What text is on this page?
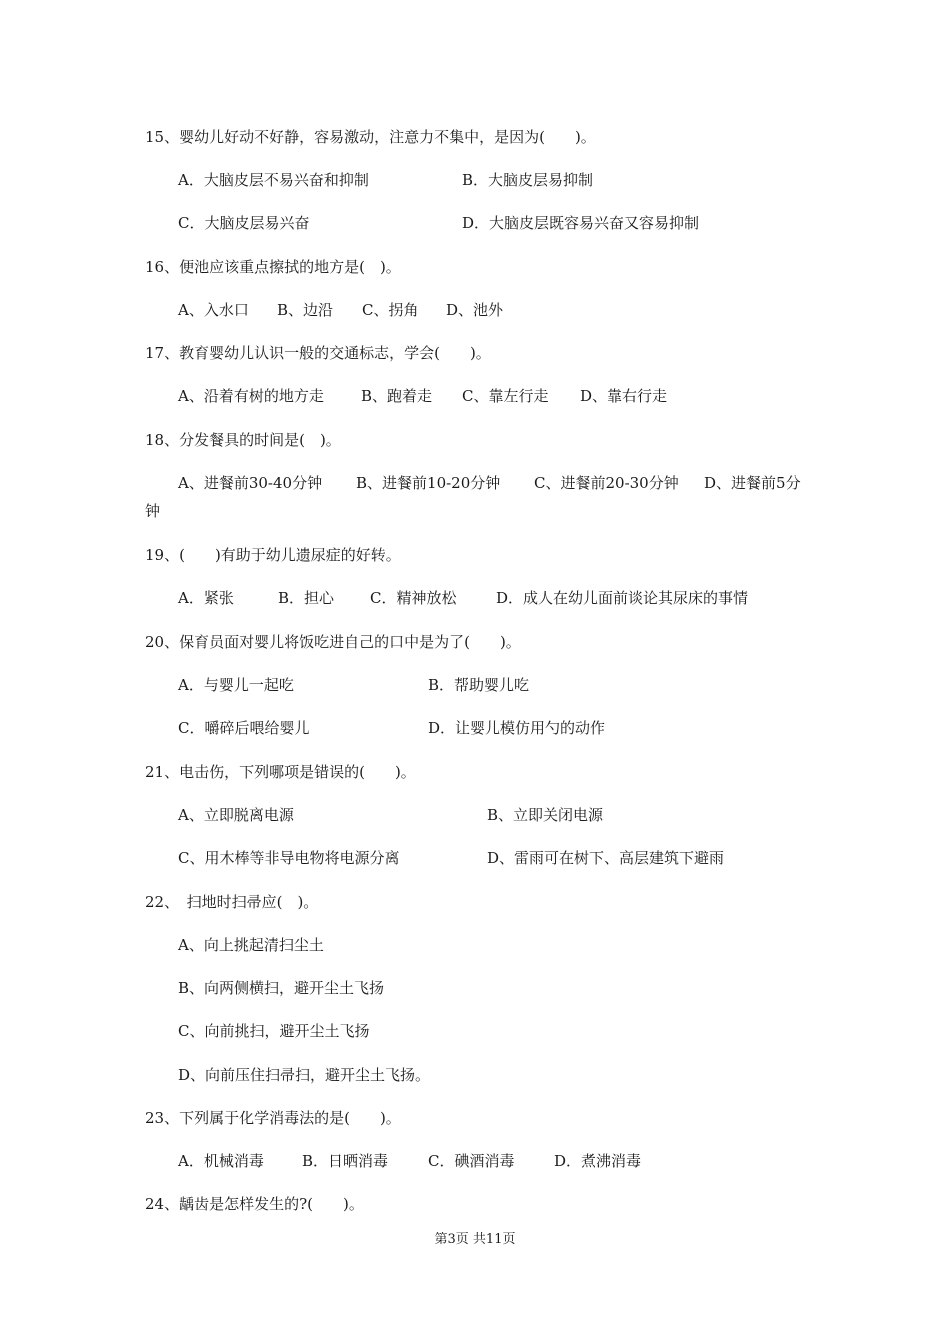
15、婴幼儿好动不好静，容易激动，注意力不集中，是因为(　　)。
A．大脑皮层不易兴奋和抑制	B．大脑皮层易抑制
C．大脑皮层易兴奋	D．大脑皮层既容易兴奋又容易抑制
16、便池应该重点擦拭的地方是(　)。
A、入水口 B、边沿 C、拐角 D、池外
17、教育婴幼儿认识一般的交通标志，学会(　　)。
A、沿着有树的地方走 B、跑着走 C、靠左行走 D、靠右行走
18、分发餐具的时间是(　)。
A、进餐前30-40分钟 B、进餐前10-20分钟 C、进餐前20-30分钟 D、进餐前5分
钟
19、(　　)有助于幼儿遗尿症的好转。
A．紧张	B．担心 C．精神放松	D．成人在幼儿面前谈论其尿床的事情
20、保育员面对婴儿将饭吃进自己的口中是为了(　　)。
A．与婴儿一起吃	B．帮助婴儿吃
C．嚼碎后喂给婴儿	D．让婴儿模仿用勺的动作
21、电击伤，下列哪项是错误的(　　)。
A、立即脱离电源	B、立即关闭电源
C、用木棒等非导电物将电源分离	D、雷雨可在树下、高层建筑下避雨
22、　扫地时扫帚应(　)。
A、向上挑起清扫尘土
B、向两侧横扫，避开尘土飞扬
C、向前挑扫，避开尘土飞扬
D、向前压住扫帚扫，避开尘土飞扬。
23、下列属于化学消毒法的是(　　)。
A．机械消毒	B．日晒消毒	C．碘酒消毒	D．煮沸消毒
24、龋齿是怎样发生的?(　　)。
第3页 共11页
